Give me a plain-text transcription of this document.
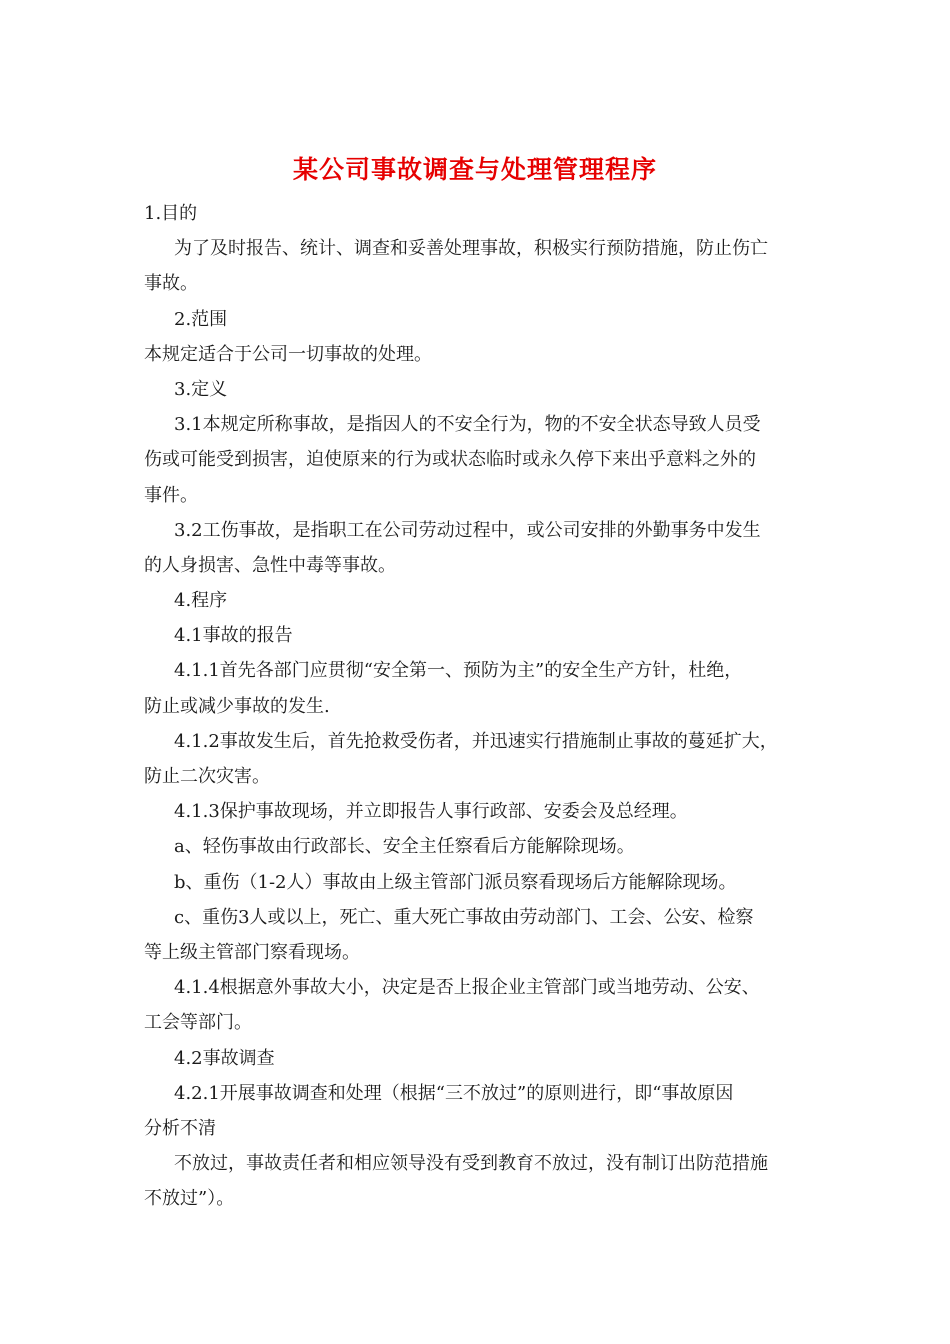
某公司事故调查与处理管理程序
1.目的
为了及时报告、统计、调查和妥善处理事故，积极实行预防措施，防止伤亡
事故。
2.范围
本规定适合于公司一切事故的处理。
3.定义
3.1本规定所称事故，是指因人的不安全行为，物的不安全状态导致人员受
伤或可能受到损害，迫使原来的行为或状态临时或永久停下来出乎意料之外的
事件。
3.2工伤事故，是指职工在公司劳动过程中，或公司安排的外勤事务中发生
的人身损害、急性中毒等事故。
4.程序
4.1事故的报告
4.1.1首先各部门应贯彻“安全第一、预防为主”的安全生产方针，杜绝，
防止或减少事故的发生.
4.1.2事故发生后，首先抢救受伤者，并迅速实行措施制止事故的蔓延扩大，
防止二次灾害。
4.1.3保护事故现场，并立即报告人事行政部、安委会及总经理。
a、轻伤事故由行政部长、安全主任察看后方能解除现场。
b、重伤（1-2人）事故由上级主管部门派员察看现场后方能解除现场。
c、重伤3人或以上，死亡、重大死亡事故由劳动部门、工会、公安、检察
等上级主管部门察看现场。
4.1.4根据意外事故大小，决定是否上报企业主管部门或当地劳动、公安、
工会等部门。
4.2事故调查
4.2.1开展事故调查和处理（根据“三不放过”的原则进行，即“事故原因
分析不清
不放过，事故责任者和相应领导没有受到教育不放过，没有制订出防范措施
不放过”）。
